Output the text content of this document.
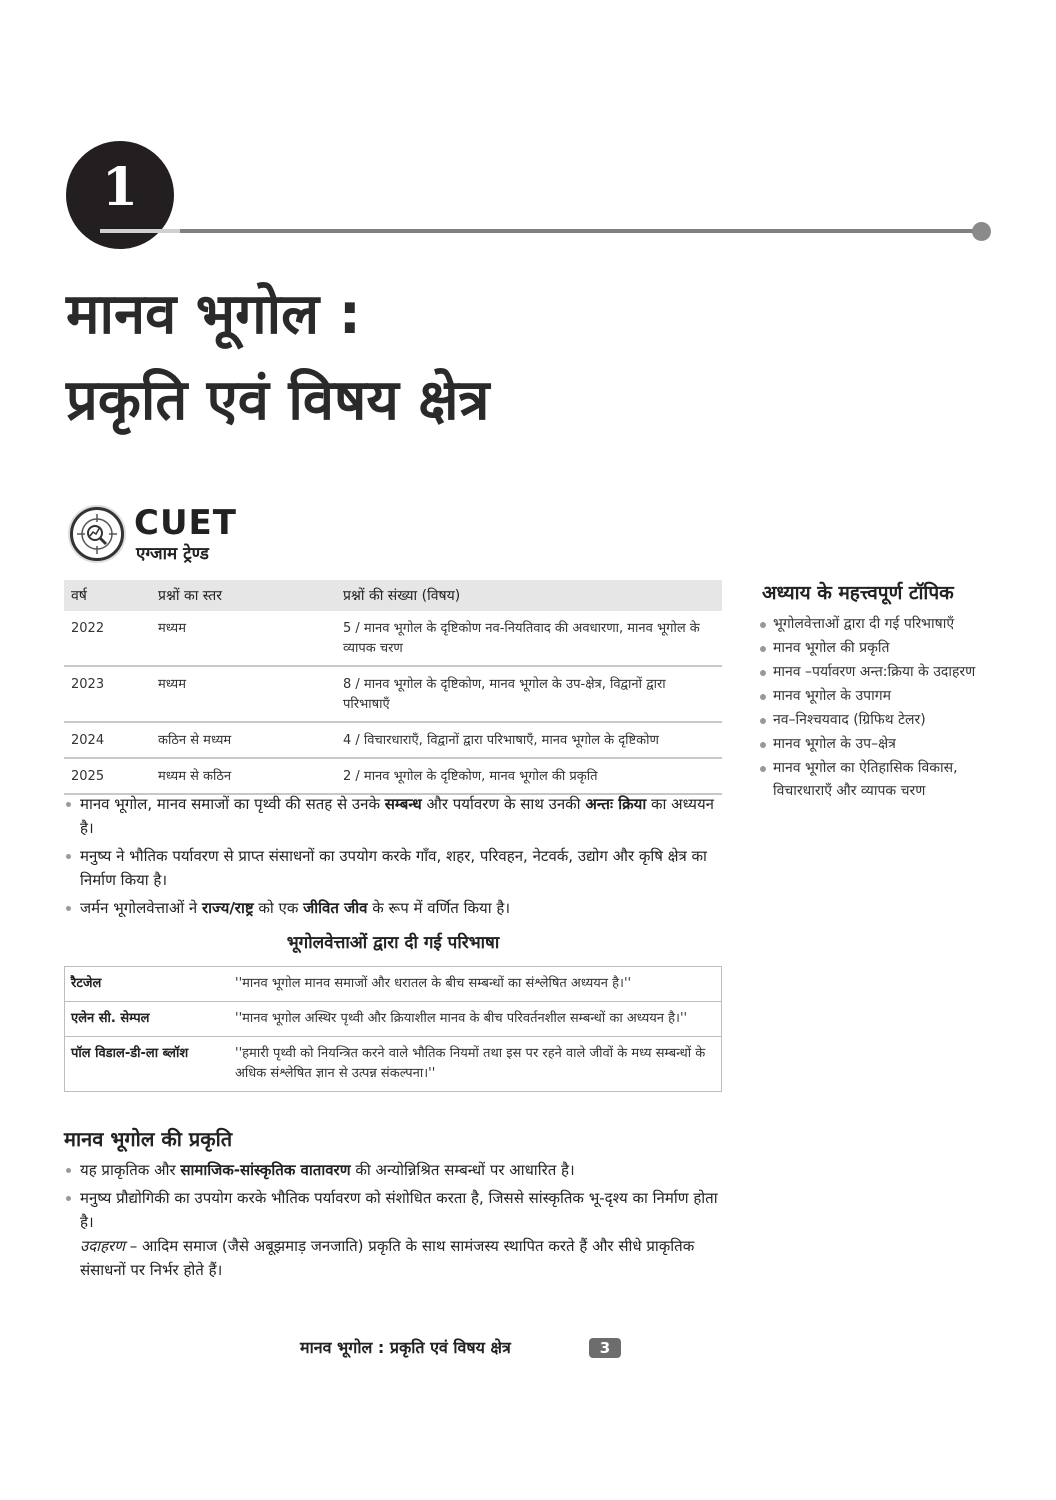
1
मानव भूगोल :
प्रकृति एवं विषय क्षेत्र
CUET
एग्जाम ट्रेण्ड
वर्ष	प्रश्नों का स्तर	प्रश्नों की संख्या (विषय)
2022	मध्यम	5 / मानव भूगोल के दृष्टिकोण नव-नियतिवाद की अवधारणा, मानव भूगोल के व्यापक चरण
2023	मध्यम	8 / मानव भूगोल के दृष्टिकोण, मानव भूगोल के उप-क्षेत्र, विद्वानों द्वारा परिभाषाएँ
2024	कठिन से मध्यम	4 / विचारधाराएँ, विद्वानों द्वारा परिभाषाएँ, मानव भूगोल के दृष्टिकोण
2025	मध्यम से कठिन	2 / मानव भूगोल के दृष्टिकोण, मानव भूगोल की प्रकृति
अध्याय के महत्त्वपूर्ण टॉपिक
भूगोलवेत्ताओं द्वारा दी गई परिभाषाएँ
मानव भूगोल की प्रकृति
मानव –पर्यावरण अन्त:क्रिया के उदाहरण
मानव भूगोल के उपागम
नव–निश्चयवाद (ग्रिफिथ टेलर)
मानव भूगोल के उप–क्षेत्र
मानव भूगोल का ऐतिहासिक विकास, विचारधाराएँ और व्यापक चरण
मानव भूगोल, मानव समाजों का पृथ्वी की सतह से उनके सम्बन्ध और पर्यावरण के साथ उनकी अन्तः क्रिया का अध्ययन है।
मनुष्य ने भौतिक पर्यावरण से प्राप्त संसाधनों का उपयोग करके गाँव, शहर, परिवहन, नेटवर्क, उद्योग और कृषि क्षेत्र का निर्माण किया है।
जर्मन भूगोलवेत्ताओं ने राज्य/राष्ट्र को एक जीवित जीव के रूप में वर्णित किया है।
भूगोलवेत्ताओं द्वारा दी गई परिभाषा
रैटजेल	''मानव भूगोल मानव समाजों और धरातल के बीच सम्बन्धों का संश्लेषित अध्ययन है।''
एलेन सी. सेम्पल	''मानव भूगोल अस्थिर पृथ्वी और क्रियाशील मानव के बीच परिवर्तनशील सम्बन्धों का अध्ययन है।''
पॉल विडाल-डी-ला ब्लॉश	''हमारी पृथ्वी को नियन्त्रित करने वाले भौतिक नियमों तथा इस पर रहने वाले जीवों के मध्य सम्बन्धों के अधिक संश्लेषित ज्ञान से उत्पन्न संकल्पना।''
मानव भूगोल की प्रकृति
यह प्राकृतिक और सामाजिक-सांस्कृतिक वातावरण की अन्योन्निश्रित सम्बन्धों पर आधारित है।
मनुष्य प्रौद्योगिकी का उपयोग करके भौतिक पर्यावरण को संशोधित करता है, जिससे सांस्कृतिक भू-दृश्य का निर्माण होता है।
उदाहरण – आदिम समाज (जैसे अबूझमाड़ जनजाति) प्रकृति के साथ सामंजस्य स्थापित करते हैं और सीधे प्राकृतिक संसाधनों पर निर्भर होते हैं।
मानव भूगोल : प्रकृति एवं विषय क्षेत्र	3
